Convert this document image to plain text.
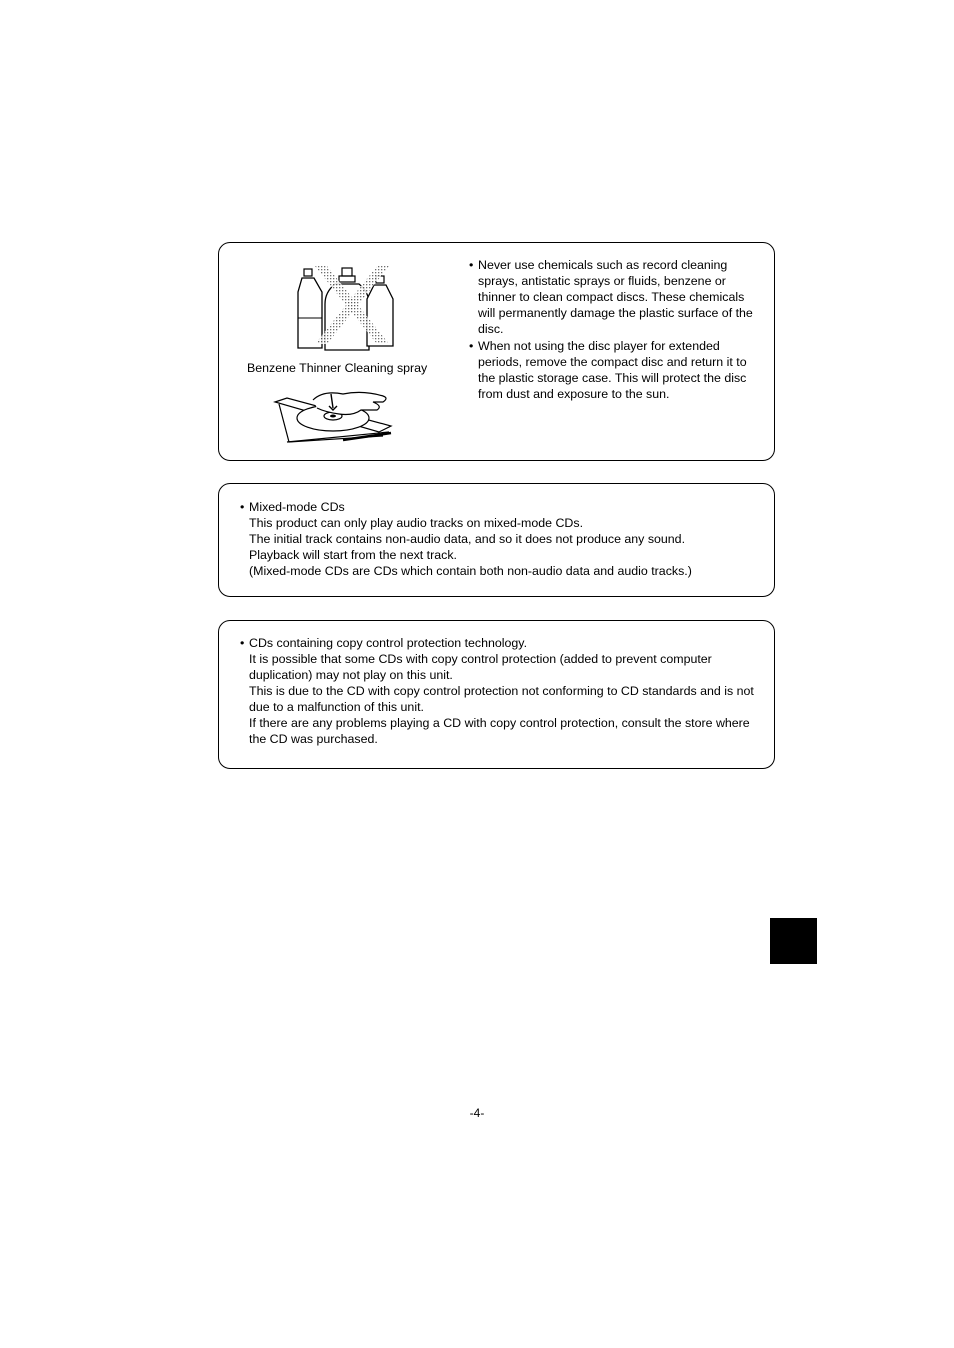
Benzene Thinner Cleaning spray
• Never use chemicals such as record cleaning sprays, antistatic sprays or fluids, benzene or thinner to clean compact discs. These chemicals will permanently damage the plastic surface of the disc.
• When not using the disc player for extended periods, remove the compact disc and return it to the plastic storage case. This will protect the disc from dust and exposure to the sun.
• Mixed-mode CDs
This product can only play audio tracks on mixed-mode CDs.
The initial track contains non-audio data, and so it does not produce any sound.
Playback will start from the next track.
(Mixed-mode CDs are CDs which contain both non-audio data and audio tracks.)
• CDs containing copy control protection technology.
It is possible that some CDs with copy control protection (added to prevent computer duplication) may not play on this unit.
This is due to the CD with copy control protection not conforming to CD standards and is not due to a malfunction of this unit.
If there are any problems playing a CD with copy control protection, consult the store where the CD was purchased.
-4-
